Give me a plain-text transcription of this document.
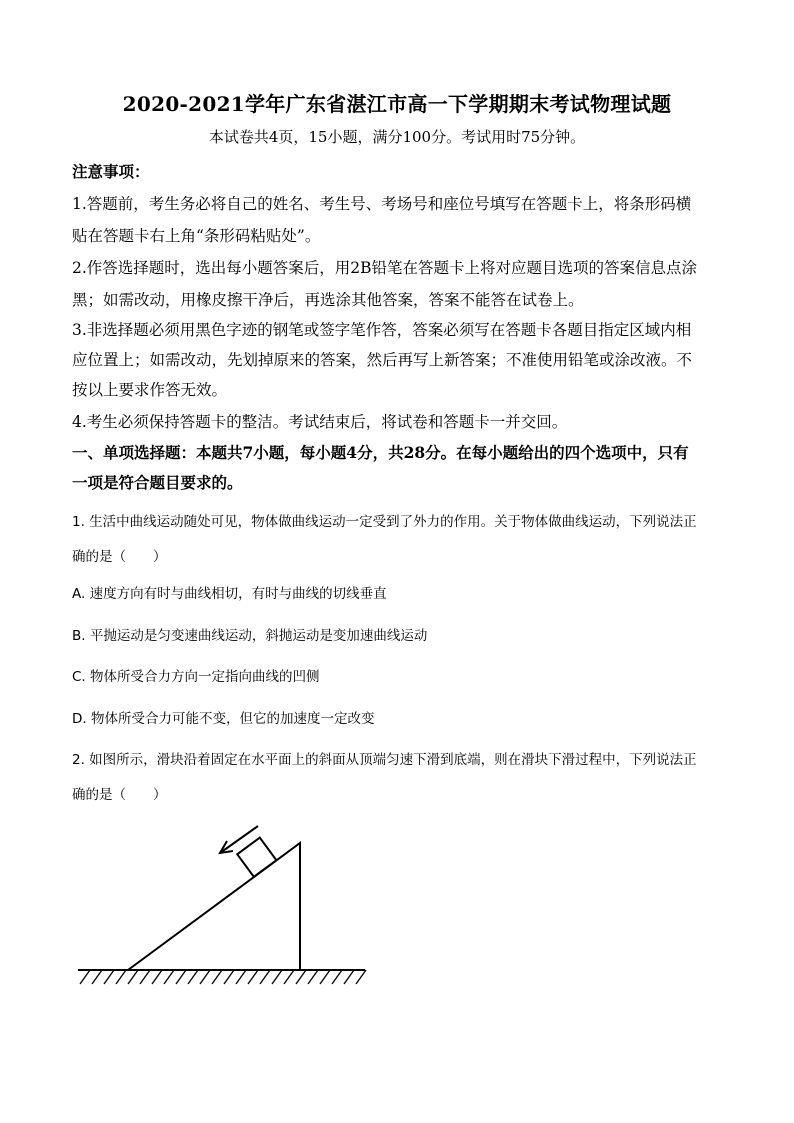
2020-2021学年广东省湛江市高一下学期期末考试物理试题
本试卷共4页，15小题，满分100分。考试用时75分钟。
注意事项：
1.答题前，考生务必将自己的姓名、考生号、考场号和座位号填写在答题卡上，将条形码横
贴在答题卡右上角“条形码粘贴处”。
2.作答选择题时，选出每小题答案后，用2B铅笔在答题卡上将对应题目选项的答案信息点涂
黑；如需改动，用橡皮擦干净后，再选涂其他答案，答案不能答在试卷上。
3.非选择题必须用黑色字迹的钢笔或签字笔作答，答案必须写在答题卡各题目指定区域内相
应位置上；如需改动，先划掉原来的答案，然后再写上新答案；不准使用铅笔或涂改液。不
按以上要求作答无效。
4.考生必须保持答题卡的整洁。考试结束后，将试卷和答题卡一并交回。
一、单项选择题：本题共7小题，每小题4分，共28分。在每小题给出的四个选项中，只有
一项是符合题目要求的。
1. 生活中曲线运动随处可见，物体做曲线运动一定受到了外力的作用。关于物体做曲线运动，下列说法正
确的是（　　）
A. 速度方向有时与曲线相切，有时与曲线的切线垂直
B. 平抛运动是匀变速曲线运动，斜抛运动是变加速曲线运动
C. 物体所受合力方向一定指向曲线的凹侧
D. 物体所受合力可能不变，但它的加速度一定改变
2. 如图所示，滑块沿着固定在水平面上的斜面从顶端匀速下滑到底端，则在滑块下滑过程中，下列说法正
确的是（　　）
